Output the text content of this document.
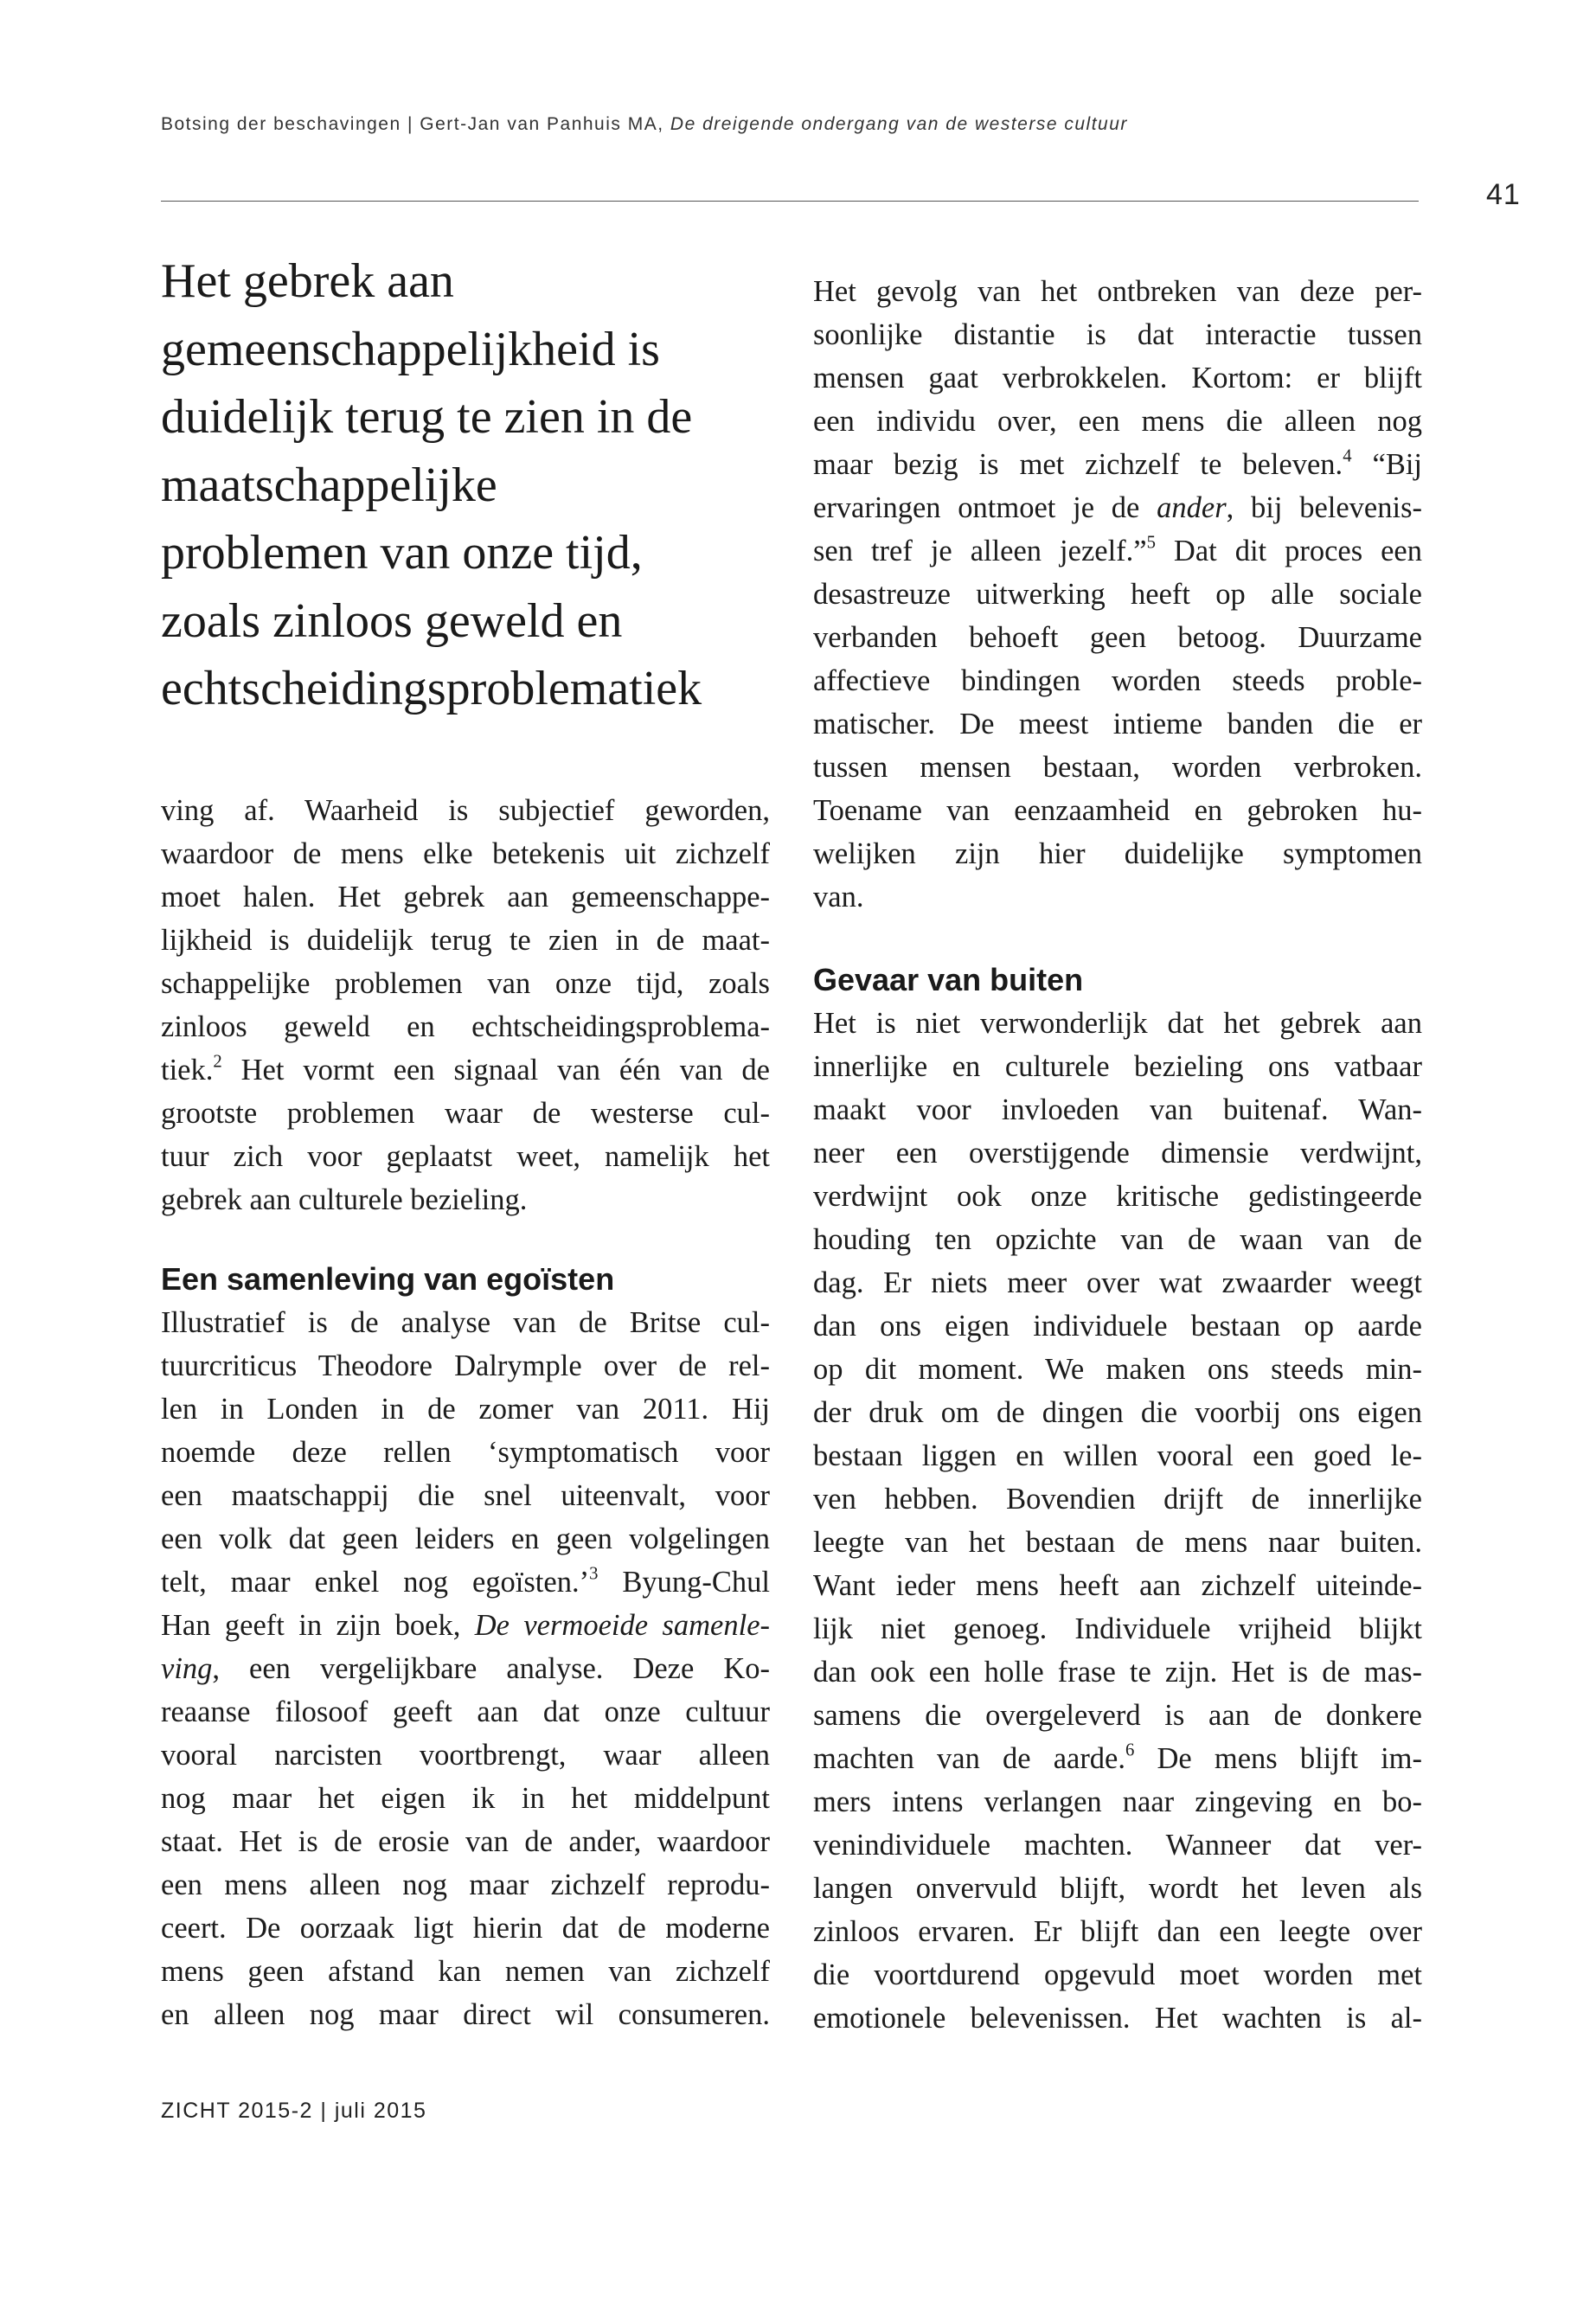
Botsing der beschavingen | Gert-Jan van Panhuis MA, De dreigende ondergang van de westerse cultuur
41
Het gebrek aan
gemeenschappelijkheid is
duidelijk terug te zien in de
maatschappelijke
problemen van onze tijd,
zoals zinloos geweld en
echtscheidingsproblematiek
ving af. Waarheid is subjectief geworden,
waardoor de mens elke betekenis uit zichzelf
moet halen. Het gebrek aan gemeenschappe-
lijkheid is duidelijk terug te zien in de maat-
schappelijke problemen van onze tijd, zoals
zinloos geweld en echtscheidingsproblema-
tiek.$^2$ Het vormt een signaal van één van de
grootste problemen waar de westerse cul-
tuur zich voor geplaatst weet, namelijk het
gebrek aan culturele bezieling.
Een samenleving van egoïsten
Illustratief is de analyse van de Britse cul-
tuurcriticus Theodore Dalrymple over de rel-
len in Londen in de zomer van 2011. Hij
noemde deze rellen ‘symptomatisch voor
een maatschappij die snel uiteenvalt, voor
een volk dat geen leiders en geen volgelingen
telt, maar enkel nog egoïsten.’$^3$ Byung-Chul
Han geeft in zijn boek, De vermoeide samenle-
ving, een vergelijkbare analyse. Deze Ko-
reaanse filosoof geeft aan dat onze cultuur
vooral narcisten voortbrengt, waar alleen
nog maar het eigen ik in het middelpunt
staat. Het is de erosie van de ander, waardoor
een mens alleen nog maar zichzelf reprodu-
ceert. De oorzaak ligt hierin dat de moderne
mens geen afstand kan nemen van zichzelf
en alleen nog maar direct wil consumeren.
Het gevolg van het ontbreken van deze per-
soonlijke distantie is dat interactie tussen
mensen gaat verbrokkelen. Kortom: er blijft
een individu over, een mens die alleen nog
maar bezig is met zichzelf te beleven.$^4$ “Bij
ervaringen ontmoet je de ander, bij belevenis-
sen tref je alleen jezelf.”$^5$ Dat dit proces een
desastreuze uitwerking heeft op alle sociale
verbanden behoeft geen betoog. Duurzame
affectieve bindingen worden steeds proble-
matischer. De meest intieme banden die er
tussen mensen bestaan, worden verbroken.
Toename van eenzaamheid en gebroken hu-
welijken zijn hier duidelijke symptomen
van.
Gevaar van buiten
Het is niet verwonderlijk dat het gebrek aan
innerlijke en culturele bezieling ons vatbaar
maakt voor invloeden van buitenaf. Wan-
neer een overstijgende dimensie verdwijnt,
verdwijnt ook onze kritische gedistingeerde
houding ten opzichte van de waan van de
dag. Er niets meer over wat zwaarder weegt
dan ons eigen individuele bestaan op aarde
op dit moment. We maken ons steeds min-
der druk om de dingen die voorbij ons eigen
bestaan liggen en willen vooral een goed le-
ven hebben. Bovendien drijft de innerlijke
leegte van het bestaan de mens naar buiten.
Want ieder mens heeft aan zichzelf uiteinde-
lijk niet genoeg. Individuele vrijheid blijkt
dan ook een holle frase te zijn. Het is de mas-
samens die overgeleverd is aan de donkere
machten van de aarde.$^6$ De mens blijft im-
mers intens verlangen naar zingeving en bo-
venindividuele machten. Wanneer dat ver-
langen onvervuld blijft, wordt het leven als
zinloos ervaren. Er blijft dan een leegte over
die voortdurend opgevuld moet worden met
emotionele belevenissen. Het wachten is al-
ZICHT 2015-2 | juli 2015
